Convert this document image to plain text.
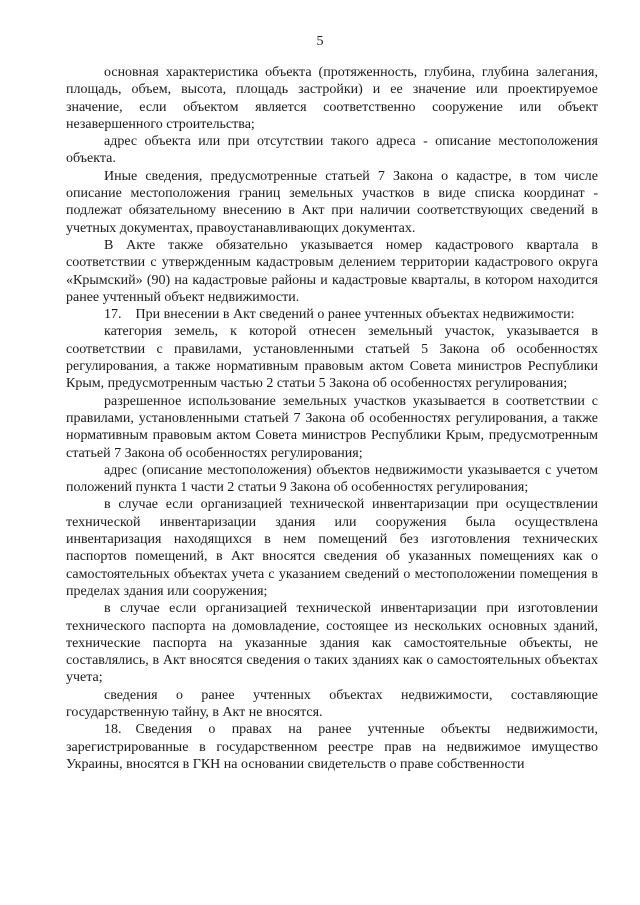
5

основная характеристика объекта (протяженность, глубина, глубина залегания, площадь, объем, высота, площадь застройки) и ее значение или проектируемое значение, если объектом является соответственно сооружение или объект незавершенного строительства;

адрес объекта или при отсутствии такого адреса - описание местоположения объекта.

Иные сведения, предусмотренные статьей 7 Закона о кадастре, в том числе описание местоположения границ земельных участков в виде списка координат - подлежат обязательному внесению в Акт при наличии соответствующих сведений в учетных документах, правоустанавливающих документах.

В Акте также обязательно указывается номер кадастрового квартала в соответствии с утвержденным кадастровым делением территории кадастрового округа «Крымский» (90) на кадастровые районы и кадастровые кварталы, в котором находится ранее учтенный объект недвижимости.

17. При внесении в Акт сведений о ранее учтенных объектах недвижимости:

категория земель, к которой отнесен земельный участок, указывается в соответствии с правилами, установленными статьей 5 Закона об особенностях регулирования, а также нормативным правовым актом Совета министров Республики Крым, предусмотренным частью 2 статьи 5 Закона об особенностях регулирования;

разрешенное использование земельных участков указывается в соответствии с правилами, установленными статьей 7 Закона об особенностях регулирования, а также нормативным правовым актом Совета министров Республики Крым, предусмотренным статьей 7 Закона об особенностях регулирования;

адрес (описание местоположения) объектов недвижимости указывается с учетом положений пункта 1 части 2 статьи 9 Закона об особенностях регулирования;

в случае если организацией технической инвентаризации при осуществлении технической инвентаризации здания или сооружения была осуществлена инвентаризация находящихся в нем помещений без изготовления технических паспортов помещений, в Акт вносятся сведения об указанных помещениях как о самостоятельных объектах учета с указанием сведений о местоположении помещения в пределах здания или сооружения;

в случае если организацией технической инвентаризации при изготовлении технического паспорта на домовладение, состоящее из нескольких основных зданий, технические паспорта на указанные здания как самостоятельные объекты, не составлялись, в Акт вносятся сведения о таких зданиях как о самостоятельных объектах учета;

сведения о ранее учтенных объектах недвижимости, составляющие государственную тайну, в Акт не вносятся.

18. Сведения о правах на ранее учтенные объекты недвижимости, зарегистрированные в государственном реестре прав на недвижимое имущество Украины, вносятся в ГКН на основании свидетельств о праве собственности
